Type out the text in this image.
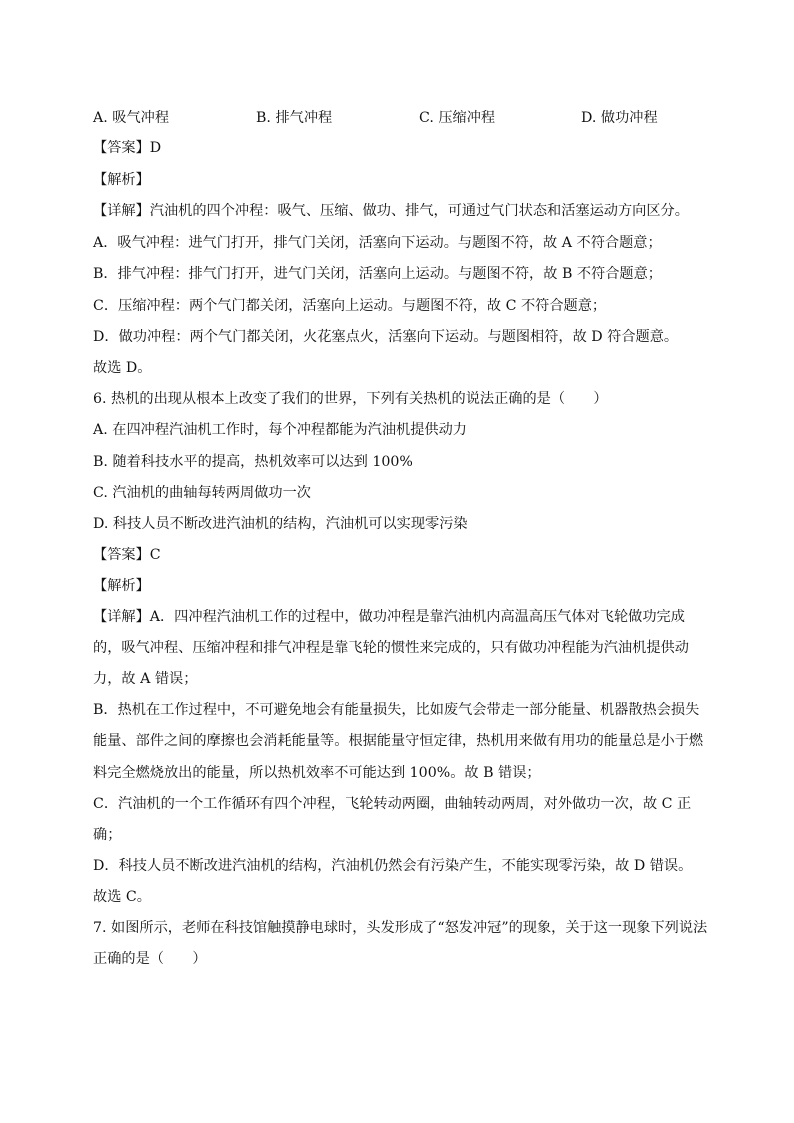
A. 吸气冲程	B. 排气冲程	C. 压缩冲程	D. 做功冲程
【答案】D
【解析】
【详解】汽油机的四个冲程：吸气、压缩、做功、排气，可通过气门状态和活塞运动方向区分。
A．吸气冲程：进气门打开，排气门关闭，活塞向下运动。与题图不符，故 A 不符合题意；
B．排气冲程：排气门打开，进气门关闭，活塞向上运动。与题图不符，故 B 不符合题意；
C．压缩冲程：两个气门都关闭，活塞向上运动。与题图不符，故 C 不符合题意；
D．做功冲程：两个气门都关闭，火花塞点火，活塞向下运动。与题图相符，故 D 符合题意。
故选 D。
6. 热机的出现从根本上改变了我们的世界，下列有关热机的说法正确的是（　　）
A. 在四冲程汽油机工作时，每个冲程都能为汽油机提供动力
B. 随着科技水平的提高，热机效率可以达到 100%
C. 汽油机的曲轴每转两周做功一次
D. 科技人员不断改进汽油机的结构，汽油机可以实现零污染
【答案】C
【解析】
【详解】A．四冲程汽油机工作的过程中，做功冲程是靠汽油机内高温高压气体对飞轮做功完成
的，吸气冲程、压缩冲程和排气冲程是靠飞轮的惯性来完成的，只有做功冲程能为汽油机提供动
力，故 A 错误；
B．热机在工作过程中，不可避免地会有能量损失，比如废气会带走一部分能量、机器散热会损失
能量、部件之间的摩擦也会消耗能量等。根据能量守恒定律，热机用来做有用功的能量总是小于燃
料完全燃烧放出的能量，所以热机效率不可能达到 100%。故 B 错误；
C．汽油机的一个工作循环有四个冲程，飞轮转动两圈，曲轴转动两周，对外做功一次，故 C 正
确；
D．科技人员不断改进汽油机的结构，汽油机仍然会有污染产生，不能实现零污染，故 D 错误。
故选 C。
7. 如图所示，老师在科技馆触摸静电球时，头发形成了“怒发冲冠”的现象，关于这一现象下列说法
正确的是（　　）
